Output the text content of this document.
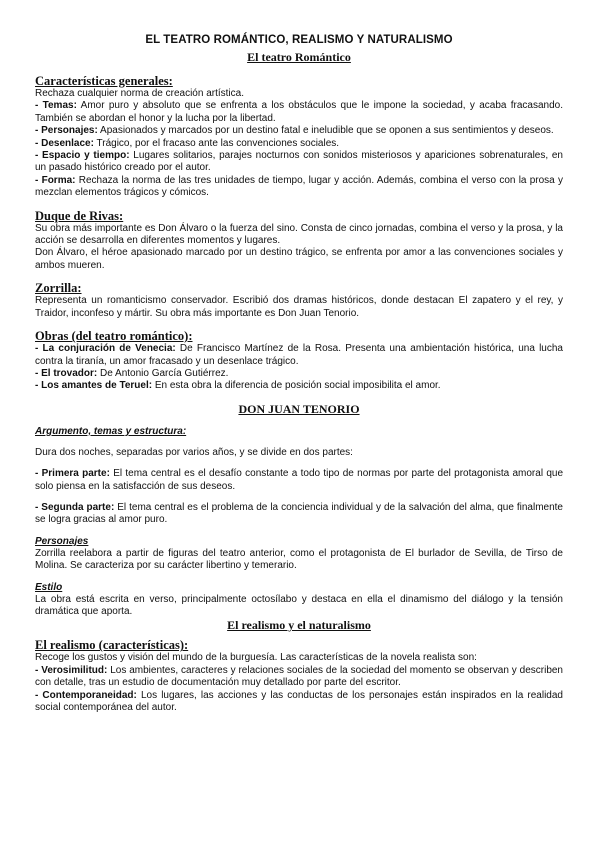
EL TEATRO ROMÁNTICO, REALISMO Y NATURALISMO
El teatro Romántico
Características generales:

Rechaza cualquier norma de creación artística.

- Temas: Amor puro y absoluto que se enfrenta a los obstáculos que le impone la sociedad, y acaba fracasando. También se abordan el honor y la lucha por la libertad.

- Personajes: Apasionados y marcados por un destino fatal e ineludible que se oponen a sus sentimientos y deseos.

- Desenlace: Trágico, por el fracaso ante las convenciones sociales.

- Espacio y tiempo: Lugares solitarios, parajes nocturnos con sonidos misteriosos y apariciones sobrenaturales, en un pasado histórico creado por el autor.

- Forma: Rechaza la norma de las tres unidades de tiempo, lugar y acción. Además, combina el verso con la prosa y mezclan elementos trágicos y cómicos.

Duque de Rivas:

Su obra más importante es Don Álvaro o la fuerza del sino. Consta de cinco jornadas, combina el verso y la prosa, y la acción se desarrolla en diferentes momentos y lugares.

Don Álvaro, el héroe apasionado marcado por un destino trágico, se enfrenta por amor a las convenciones sociales y ambos mueren.

Zorrilla:

Representa un romanticismo conservador. Escribió dos dramas históricos, donde destacan El zapatero y el rey, y Traidor, inconfeso y mártir. Su obra más importante es Don Juan Tenorio.

Obras (del teatro romántico):

- La conjuración de Venecia: De Francisco Martínez de la Rosa. Presenta una ambientación histórica, una lucha contra la tiranía, un amor fracasado y un desenlace trágico.

- El trovador: De Antonio García Gutiérrez.

- Los amantes de Teruel: En esta obra la diferencia de posición social imposibilita el amor.

DON JUAN TENORIO
Argumento, temas y estructura:

Dura dos noches, separadas por varios años, y se divide en dos partes:

- Primera parte: El tema central es el desafío constante a todo tipo de normas por parte del protagonista amoral que solo piensa en la satisfacción de sus deseos.

- Segunda parte: El tema central es el problema de la conciencia individual y de la salvación del alma, que finalmente se logra gracias al amor puro.

Personajes

Zorrilla reelabora a partir de figuras del teatro anterior, como el protagonista de El burlador de Sevilla, de Tirso de Molina. Se caracteriza por su carácter libertino y temerario.

Estilo

La obra está escrita en verso, principalmente octosílabo y destaca en ella el dinamismo del diálogo y la tensión dramática que aporta.

El realismo y el naturalismo
El realismo (características):

Recoge los gustos y visión del mundo de la burguesía. Las características de la novela realista son:

- Verosimilitud: Los ambientes, caracteres y relaciones sociales de la sociedad del momento se observan y describen con detalle, tras un estudio de documentación muy detallado por parte del escritor.

- Contemporaneidad: Los lugares, las acciones y las conductas de los personajes están inspirados en la realidad social contemporánea del autor.
